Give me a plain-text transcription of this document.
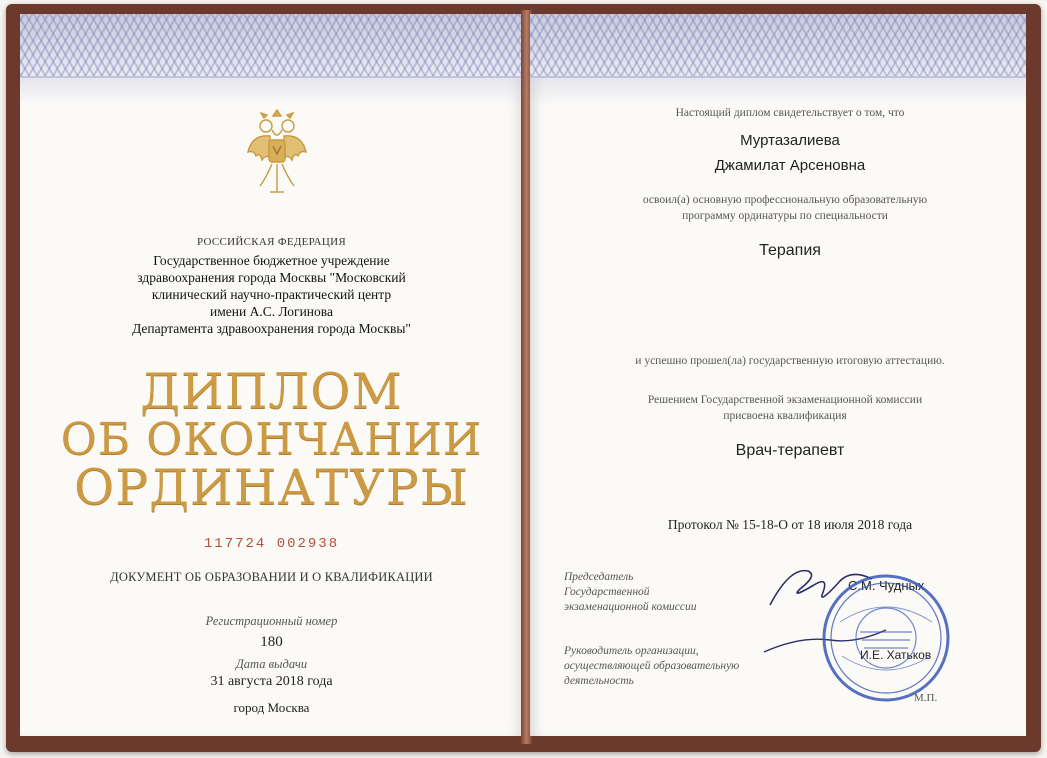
РОССИЙСКАЯ ФЕДЕРАЦИЯ
Государственное бюджетное учреждение
здравоохранения города Москвы "Московский
клинический научно-практический центр
имени А.С. Логинова
Департамента здравоохранения города Москвы"
ДИПЛОМ
ОБ ОКОНЧАНИИ
ОРДИНАТУРЫ
117724 002938
ДОКУМЕНТ ОБ ОБРАЗОВАНИИ И О КВАЛИФИКАЦИИ
Регистрационный номер
180
Дата выдачи
31 августа 2018 года
город Москва
Настоящий диплом свидетельствует о том, что
Муртазалиева
Джамилат Арсеновна
освоил(а) основную профессиональную образовательную
программу ординатуры по специальности
Терапия
и успешно прошел(ла) государственную итоговую аттестацию.
Решением Государственной экзаменационной комиссии
присвоена квалификация
Врач-терапевт
Протокол № 15-18-О от 18 июля 2018 года
Председатель
Государственной
экзаменационной комиссии
Руководитель организации,
осуществляющей образовательную
деятельность
С.М. Чудных
И.Е. Хатьков
М.П.
